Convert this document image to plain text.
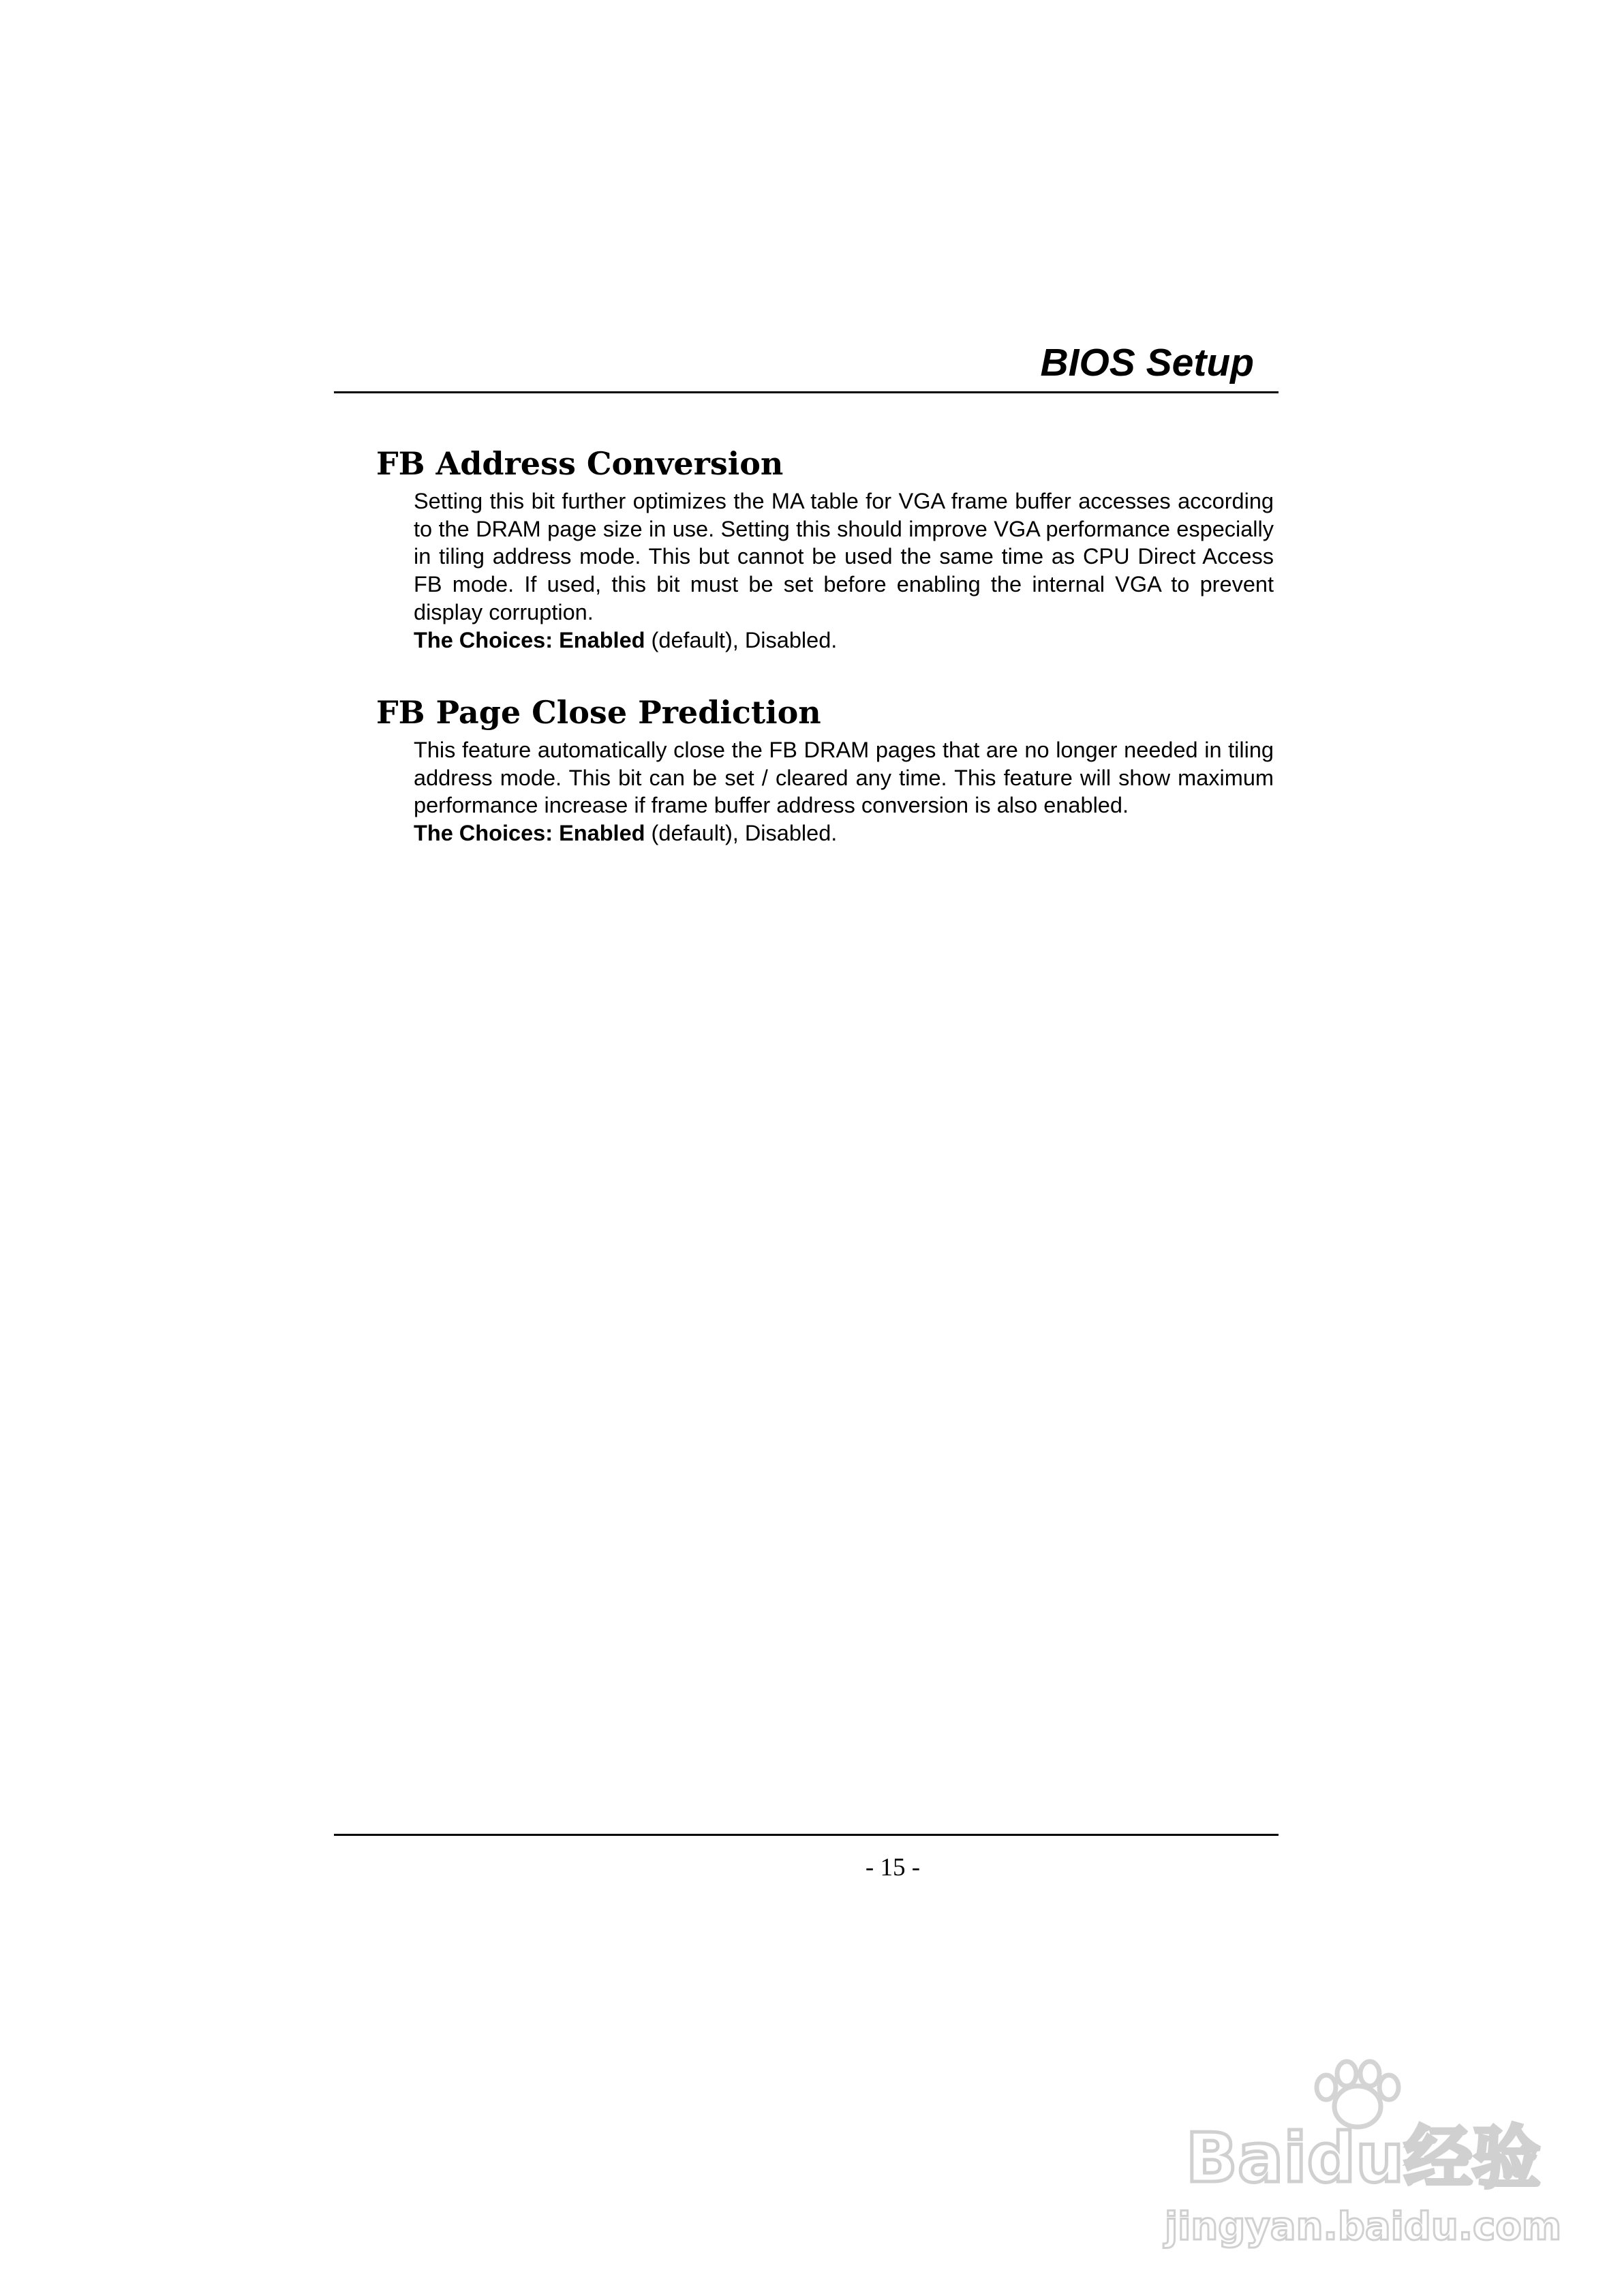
BIOS Setup
FB Address Conversion

Setting this bit further optimizes the MA table for VGA frame buffer accesses according to the DRAM page size in use. Setting this should improve VGA performance especially in tiling address mode. This but cannot be used the same time as CPU Direct Access FB mode. If used, this bit must be set before enabling the internal VGA to prevent display corruption.

The Choices: Enabled (default), Disabled.

FB Page Close Prediction

This feature automatically close the FB DRAM pages that are no longer needed in tiling address mode. This bit can be set / cleared any time. This feature will show maximum performance increase if frame buffer address conversion is also enabled.

The Choices: Enabled (default), Disabled.

- 15 -
Baidu经验
jingyan.baidu.com
